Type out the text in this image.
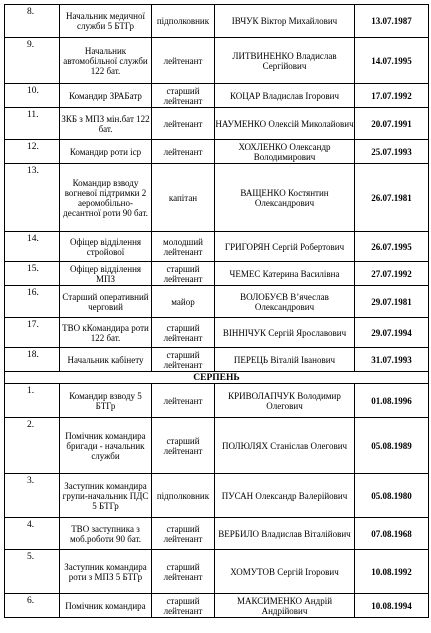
8.	Начальник медичної служби 5 БТГр	підполковник	ІВЧУК Віктор Михайлович	13.07.1987
9.	Начальник автомобільної служби 122 бат.	лейтенант	ЛИТВИНЕНКО Владислав Сергійович	14.07.1995
10.	Командир ЗРАБатр	старший лейтенант	КОЦАР Владислав Ігорович	17.07.1992
11.	ЗКБ з МПЗ мін.бат 122 бат.	лейтенант	НАУМЕНКО Олексій Миколайович	20.07.1991
12.	Командир роти іср	лейтенант	ХОХЛЕНКО Олександр Володимирович	25.07.1993
13.	Командир взводу вогневої підтримки 2 аеромобільно-десантної роти 90 бат.	капітан	ВАЩЕНКО Костянтин Олександрович	26.07.1981
14.	Офіцер відділення стройової	молодший лейтенант	ГРИГОРЯН Сергій Робертович	26.07.1995
15.	Офіцер відділення МПЗ	старший лейтенант	ЧЕМЕС Катерина Василівна	27.07.1992
16.	Старший оперативний черговий	майор	ВОЛОБУЄВ В’ячеслав Олександрович	29.07.1981
17.	ТВО кКомандира роти 122 бат.	старший лейтенант	ВІННІЧУК Сергій Ярославович	29.07.1994
18.	Начальник кабінету	старший лейтенант	ПЕРЕЦЬ Віталій Іванович	31.07.1993
СЕРПЕНЬ				
1.	Командир взводу 5 БТГр	лейтенант	КРИВОЛАПЧУК Володимир Олегович	01.08.1996
2.	Помічник командира бригади - начальник служби	старший лейтенант	ПОЛЮЛЯХ Станіслав Олегович	05.08.1989
3.	Заступник командира групи-начальник ПДС 5 БТГр	підполковник	ПУСАН Олександр Валерійович	05.08.1980
4.	ТВО заступника з моб.роботи 90 бат.	старший лейтенант	ВЕРБИЛО Владислав Віталійович	07.08.1968
5.	Заступник командира роти з МПЗ 5 БТГр	старший лейтенант	ХОМУТОВ Сергій Ігорович	10.08.1992
6.	Помічник командира	старший лейтенант	МАКСИМЕНКО Андрій Андрійович	10.08.1994
